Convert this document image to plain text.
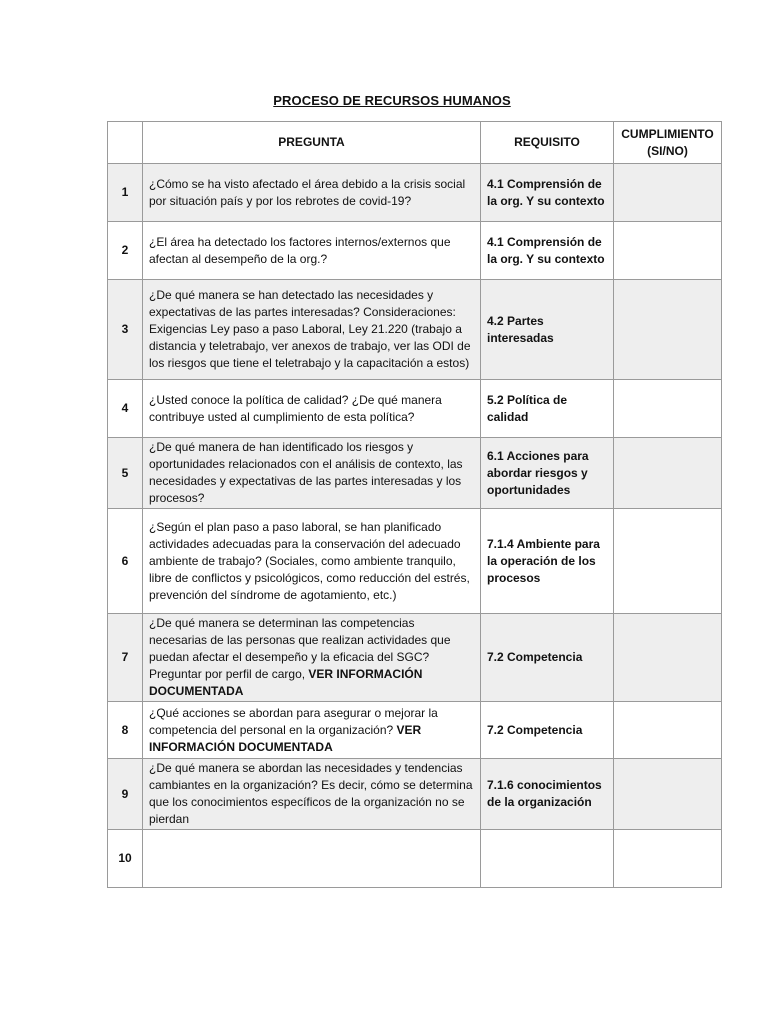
PROCESO DE RECURSOS HUMANOS
	PREGUNTA	REQUISITO	CUMPLIMIENTO (SI/NO)
1	¿Cómo se ha visto afectado el área debido a la crisis social por situación país y por los rebrotes de covid-19?	4.1 Comprensión de la org. Y su contexto	
2	¿El área ha detectado los factores internos/externos que afectan al desempeño de la org.?	4.1 Comprensión de la org. Y su contexto	
3	¿De qué manera se han detectado las necesidades y expectativas de las partes interesadas? Consideraciones: Exigencias Ley paso a paso Laboral, Ley 21.220 (trabajo a distancia y teletrabajo, ver anexos de trabajo, ver las ODI de los riesgos que tiene el teletrabajo y la capacitación a estos)	4.2 Partes interesadas	
4	¿Usted conoce la política de calidad? ¿De qué manera contribuye usted al cumplimiento de esta política?	5.2 Política de calidad	
5	¿De qué manera de han identificado los riesgos y oportunidades relacionados con el análisis de contexto, las necesidades y expectativas de las partes interesadas y los procesos?	6.1 Acciones para abordar riesgos y oportunidades	
6	¿Según el plan paso a paso laboral, se han planificado actividades adecuadas para la conservación del adecuado ambiente de trabajo? (Sociales, como ambiente tranquilo, libre de conflictos y psicológicos, como reducción del estrés, prevención del síndrome de agotamiento, etc.)	7.1.4 Ambiente para la operación de los procesos	
7	¿De qué manera se determinan las competencias necesarias de las personas que realizan actividades que puedan afectar el desempeño y la eficacia del SGC? Preguntar por perfil de cargo, VER INFORMACIÓN DOCUMENTADA	7.2 Competencia	
8	¿Qué acciones se abordan para asegurar o mejorar la competencia del personal en la organización? VER INFORMACIÓN DOCUMENTADA	7.2 Competencia	
9	¿De qué manera se abordan las necesidades y tendencias cambiantes en la organización? Es decir, cómo se determina que los conocimientos específicos de la organización no se pierdan	7.1.6 conocimientos de la organización	
10			
